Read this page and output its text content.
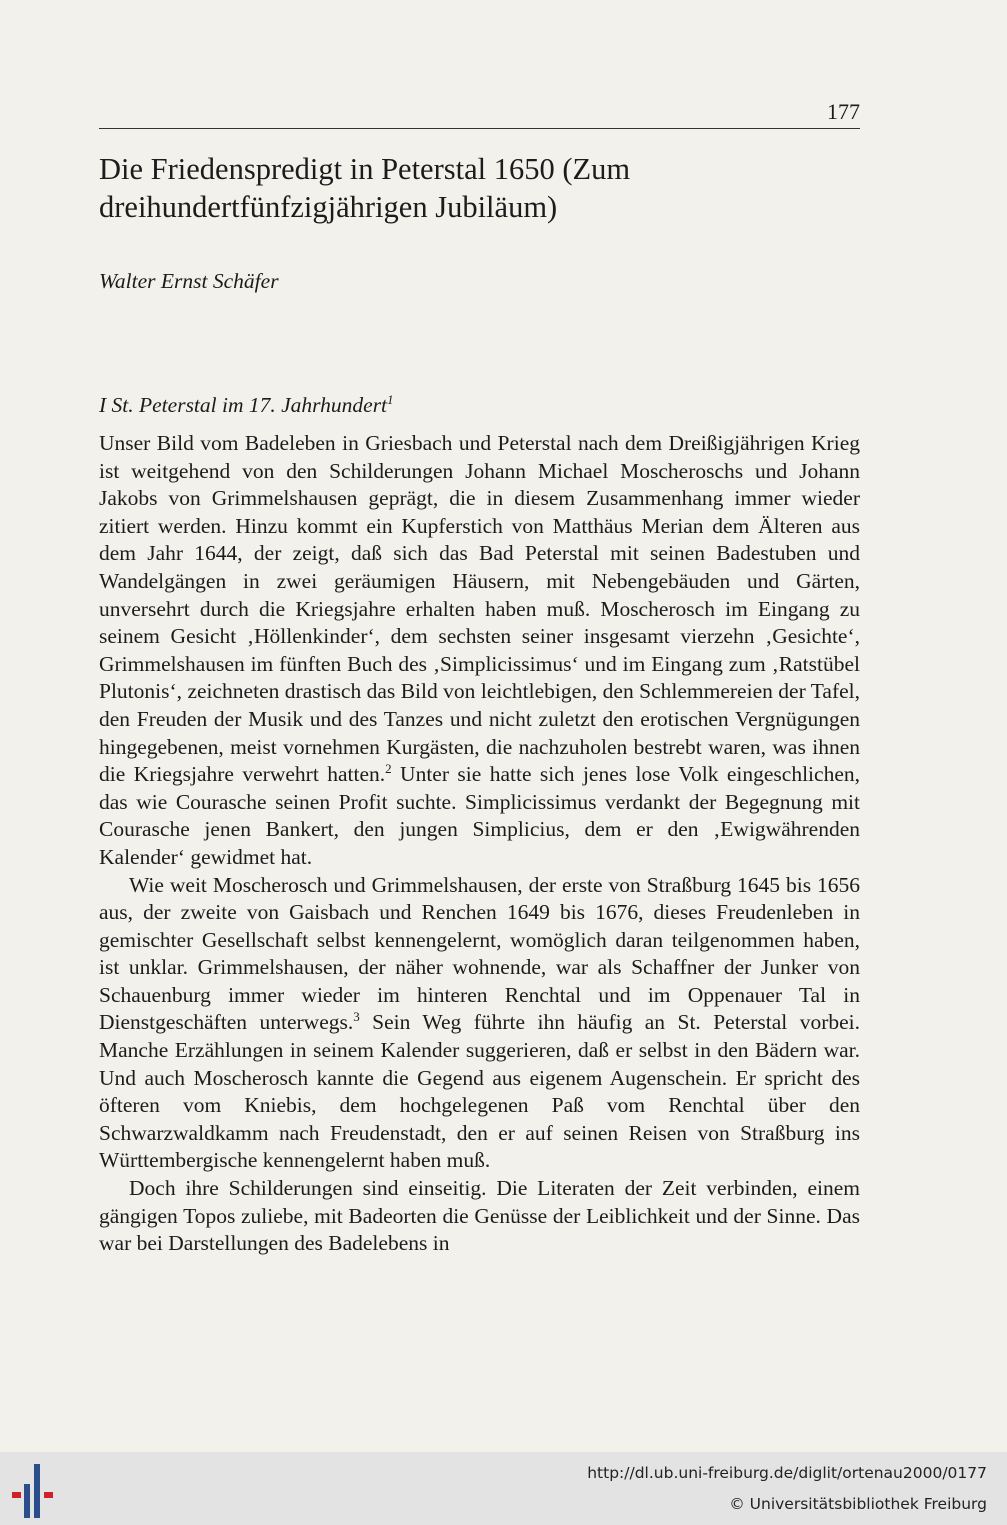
177
Die Friedenspredigt in Peterstal 1650 (Zum dreihundertfünfzigjährigen Jubiläum)
Walter Ernst Schäfer
I St. Peterstal im 17. Jahrhundert$^1$

Unser Bild vom Badeleben in Griesbach und Peterstal nach dem Dreißigjährigen Krieg ist weitgehend von den Schilderungen Johann Michael Moscheroschs und Johann Jakobs von Grimmelshausen geprägt, die in diesem Zusammenhang immer wieder zitiert werden. Hinzu kommt ein Kupferstich von Matthäus Merian dem Älteren aus dem Jahr 1644, der zeigt, daß sich das Bad Peterstal mit seinen Badestuben und Wandelgängen in zwei geräumigen Häusern, mit Nebengebäuden und Gärten, unversehrt durch die Kriegsjahre erhalten haben muß. Moscherosch im Eingang zu seinem Gesicht ‚Höllenkinder‘, dem sechsten seiner insgesamt vierzehn ‚Gesichte‘, Grimmelshausen im fünften Buch des ‚Simplicissimus‘ und im Eingang zum ‚Ratstübel Plutonis‘, zeichneten drastisch das Bild von leichtlebigen, den Schlemmereien der Tafel, den Freuden der Musik und des Tanzes und nicht zuletzt den erotischen Vergnügungen hingegebenen, meist vornehmen Kurgästen, die nachzuholen bestrebt waren, was ihnen die Kriegsjahre verwehrt hatten.$^2$ Unter sie hatte sich jenes lose Volk eingeschlichen, das wie Courasche seinen Profit suchte. Simplicissimus verdankt der Begegnung mit Courasche jenen Bankert, den jungen Simplicius, dem er den ‚Ewigwährenden Kalender‘ gewidmet hat.

Wie weit Moscherosch und Grimmelshausen, der erste von Straßburg 1645 bis 1656 aus, der zweite von Gaisbach und Renchen 1649 bis 1676, dieses Freudenleben in gemischter Gesellschaft selbst kennengelernt, womöglich daran teilgenommen haben, ist unklar. Grimmelshausen, der näher wohnende, war als Schaffner der Junker von Schauenburg immer wieder im hinteren Renchtal und im Oppenauer Tal in Dienstgeschäften unterwegs.$^3$ Sein Weg führte ihn häufig an St. Peterstal vorbei. Manche Erzählungen in seinem Kalender suggerieren, daß er selbst in den Bädern war. Und auch Moscherosch kannte die Gegend aus eigenem Augenschein. Er spricht des öfteren vom Kniebis, dem hochgelegenen Paß vom Renchtal über den Schwarzwaldkamm nach Freudenstadt, den er auf seinen Reisen von Straßburg ins Württembergische kennengelernt haben muß.

Doch ihre Schilderungen sind einseitig. Die Literaten der Zeit verbinden, einem gängigen Topos zuliebe, mit Badeorten die Genüsse der Leiblichkeit und der Sinne. Das war bei Darstellungen des Badelebens in

http://dl.ub.uni-freiburg.de/diglit/ortenau2000/0177
© Universitätsbibliothek Freiburg
